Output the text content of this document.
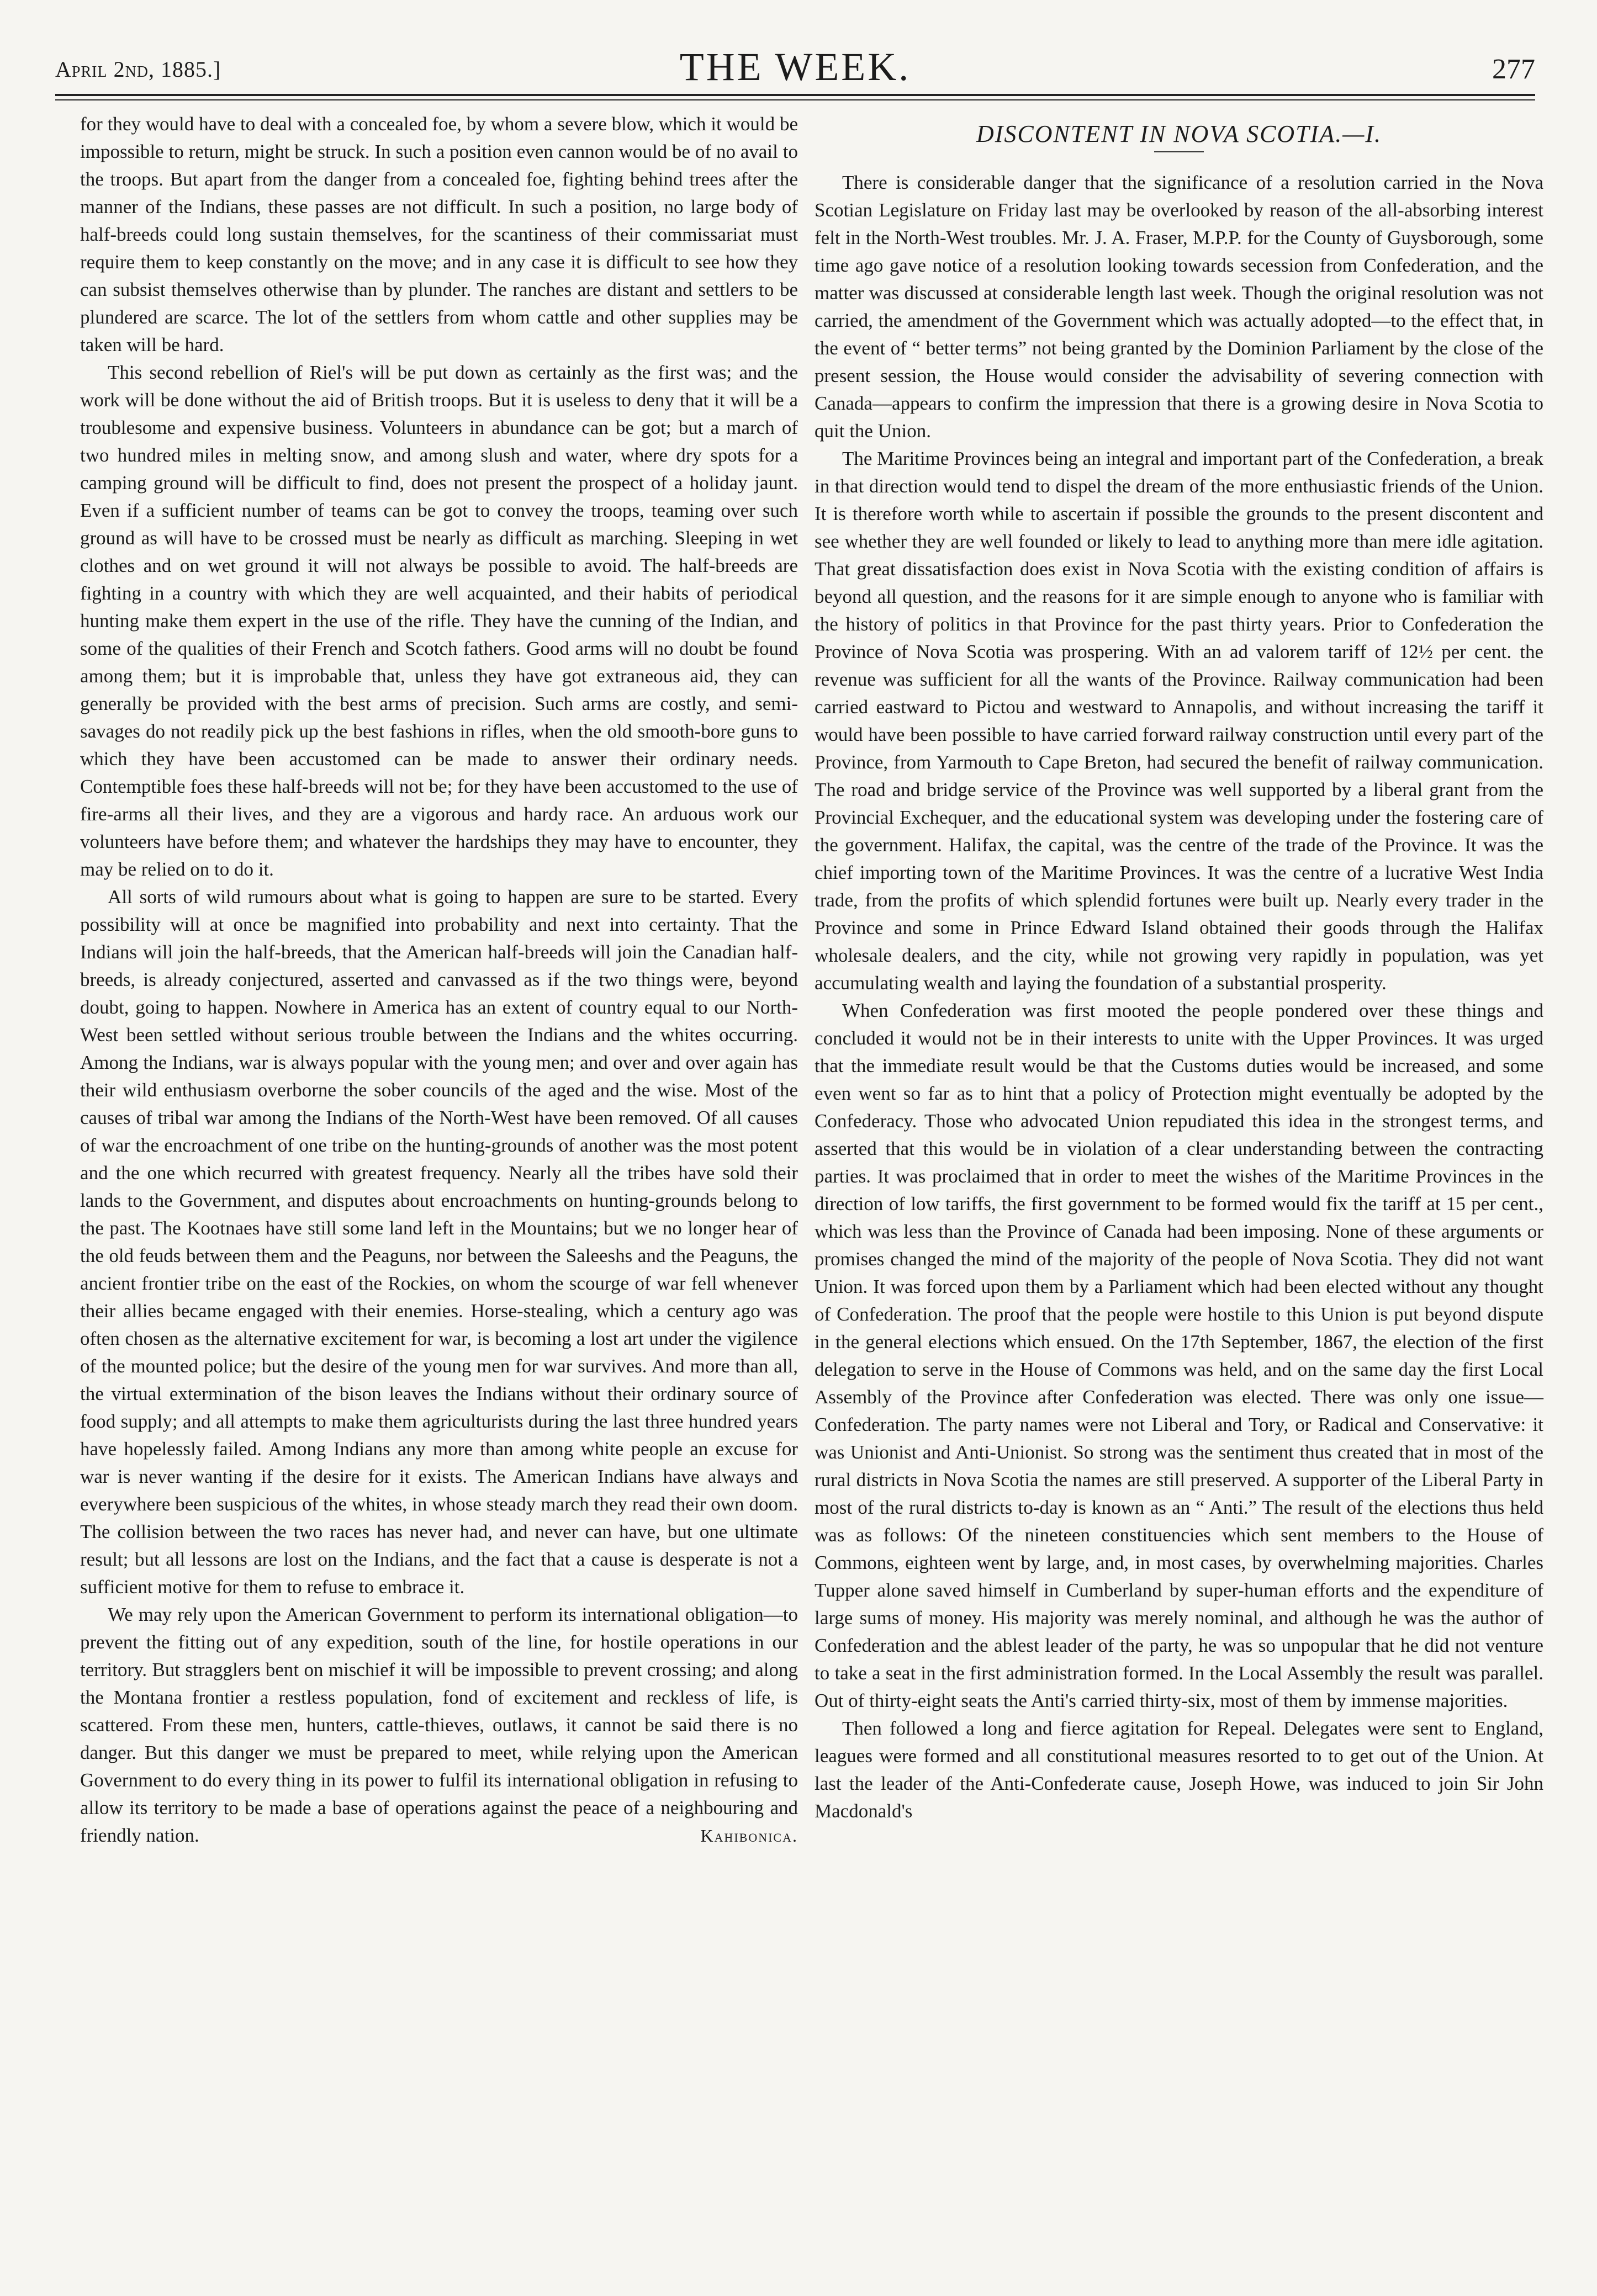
April 2nd, 1885.]	THE WEEK.	277

for they would have to deal with a concealed foe, by whom a severe blow, which it would be impossible to return, might be struck. In such a position even cannon would be of no avail to the troops. But apart from the danger from a concealed foe, fighting behind trees after the manner of the Indians, these passes are not difficult. In such a position, no large body of half-breeds could long sustain themselves, for the scantiness of their commissariat must require them to keep constantly on the move; and in any case it is difficult to see how they can subsist themselves otherwise than by plunder. The ranches are distant and settlers to be plundered are scarce. The lot of the settlers from whom cattle and other supplies may be taken will be hard.

This second rebellion of Riel's will be put down as certainly as the first was; and the work will be done without the aid of British troops. But it is useless to deny that it will be a troublesome and expensive business. Volunteers in abundance can be got; but a march of two hundred miles in melting snow, and among slush and water, where dry spots for a camping ground will be difficult to find, does not present the prospect of a holiday jaunt. Even if a sufficient number of teams can be got to convey the troops, teaming over such ground as will have to be crossed must be nearly as difficult as marching. Sleeping in wet clothes and on wet ground it will not always be possible to avoid. The half-breeds are fighting in a country with which they are well acquainted, and their habits of periodical hunting make them expert in the use of the rifle. They have the cunning of the Indian, and some of the qualities of their French and Scotch fathers. Good arms will no doubt be found among them; but it is improbable that, unless they have got extraneous aid, they can generally be provided with the best arms of precision. Such arms are costly, and semi-savages do not readily pick up the best fashions in rifles, when the old smooth-bore guns to which they have been accustomed can be made to answer their ordinary needs. Contemptible foes these half-breeds will not be; for they have been accustomed to the use of fire-arms all their lives, and they are a vigorous and hardy race. An arduous work our volunteers have before them; and whatever the hardships they may have to encounter, they may be relied on to do it.

All sorts of wild rumours about what is going to happen are sure to be started. Every possibility will at once be magnified into probability and next into certainty. That the Indians will join the half-breeds, that the American half-breeds will join the Canadian half-breeds, is already conjectured, asserted and canvassed as if the two things were, beyond doubt, going to happen. Nowhere in America has an extent of country equal to our North-West been settled without serious trouble between the Indians and the whites occurring. Among the Indians, war is always popular with the young men; and over and over again has their wild enthusiasm overborne the sober councils of the aged and the wise. Most of the causes of tribal war among the Indians of the North-West have been removed. Of all causes of war the encroachment of one tribe on the hunting-grounds of another was the most potent and the one which recurred with greatest frequency. Nearly all the tribes have sold their lands to the Government, and disputes about encroachments on hunting-grounds belong to the past. The Kootnaes have still some land left in the Mountains; but we no longer hear of the old feuds between them and the Peaguns, nor between the Saleeshs and the Peaguns, the ancient frontier tribe on the east of the Rockies, on whom the scourge of war fell whenever their allies became engaged with their enemies. Horse-stealing, which a century ago was often chosen as the alternative excitement for war, is becoming a lost art under the vigilence of the mounted police; but the desire of the young men for war survives. And more than all, the virtual extermination of the bison leaves the Indians without their ordinary source of food supply; and all attempts to make them agriculturists during the last three hundred years have hopelessly failed. Among Indians any more than among white people an excuse for war is never wanting if the desire for it exists. The American Indians have always and everywhere been suspicious of the whites, in whose steady march they read their own doom. The collision between the two races has never had, and never can have, but one ultimate result; but all lessons are lost on the Indians, and the fact that a cause is desperate is not a sufficient motive for them to refuse to embrace it.

We may rely upon the American Government to perform its international obligation—to prevent the fitting out of any expedition, south of the line, for hostile operations in our territory. But stragglers bent on mischief it will be impossible to prevent crossing; and along the Montana frontier a restless population, fond of excitement and reckless of life, is scattered. From these men, hunters, cattle-thieves, outlaws, it cannot be said there is no danger. But this danger we must be prepared to meet, while relying upon the American Government to do every thing in its power to fulfil its international obligation in refusing to allow its territory to be made a base of operations against the peace of a neighbouring and friendly nation.	Kahibonica.
DISCONTENT IN NOVA SCOTIA.—I.

There is considerable danger that the significance of a resolution carried in the Nova Scotian Legislature on Friday last may be overlooked by reason of the all-absorbing interest felt in the North-West troubles. Mr. J. A. Fraser, M.P.P. for the County of Guysborough, some time ago gave notice of a resolution looking towards secession from Confederation, and the matter was discussed at considerable length last week. Though the original resolution was not carried, the amendment of the Government which was actually adopted—to the effect that, in the event of “ better terms” not being granted by the Dominion Parliament by the close of the present session, the House would consider the advisability of severing connection with Canada—appears to confirm the impression that there is a growing desire in Nova Scotia to quit the Union.

The Maritime Provinces being an integral and important part of the Confederation, a break in that direction would tend to dispel the dream of the more enthusiastic friends of the Union. It is therefore worth while to ascertain if possible the grounds to the present discontent and see whether they are well founded or likely to lead to anything more than mere idle agitation. That great dissatisfaction does exist in Nova Scotia with the existing condition of affairs is beyond all question, and the reasons for it are simple enough to anyone who is familiar with the history of politics in that Province for the past thirty years. Prior to Confederation the Province of Nova Scotia was prospering. With an ad valorem tariff of 12½ per cent. the revenue was sufficient for all the wants of the Province. Railway communication had been carried eastward to Pictou and westward to Annapolis, and without increasing the tariff it would have been possible to have carried forward railway construction until every part of the Province, from Yarmouth to Cape Breton, had secured the benefit of railway communication. The road and bridge service of the Province was well supported by a liberal grant from the Provincial Exchequer, and the educational system was developing under the fostering care of the government. Halifax, the capital, was the centre of the trade of the Province. It was the chief importing town of the Maritime Provinces. It was the centre of a lucrative West India trade, from the profits of which splendid fortunes were built up. Nearly every trader in the Province and some in Prince Edward Island obtained their goods through the Halifax wholesale dealers, and the city, while not growing very rapidly in population, was yet accumulating wealth and laying the foundation of a substantial prosperity.

When Confederation was first mooted the people pondered over these things and concluded it would not be in their interests to unite with the Upper Provinces. It was urged that the immediate result would be that the Customs duties would be increased, and some even went so far as to hint that a policy of Protection might eventually be adopted by the Confederacy. Those who advocated Union repudiated this idea in the strongest terms, and asserted that this would be in violation of a clear understanding between the contracting parties. It was proclaimed that in order to meet the wishes of the Maritime Provinces in the direction of low tariffs, the first government to be formed would fix the tariff at 15 per cent., which was less than the Province of Canada had been imposing. None of these arguments or promises changed the mind of the majority of the people of Nova Scotia. They did not want Union. It was forced upon them by a Parliament which had been elected without any thought of Confederation. The proof that the people were hostile to this Union is put beyond dispute in the general elections which ensued. On the 17th September, 1867, the election of the first delegation to serve in the House of Commons was held, and on the same day the first Local Assembly of the Province after Confederation was elected. There was only one issue—Confederation. The party names were not Liberal and Tory, or Radical and Conservative: it was Unionist and Anti-Unionist. So strong was the sentiment thus created that in most of the rural districts in Nova Scotia the names are still preserved. A supporter of the Liberal Party in most of the rural districts to-day is known as an “ Anti.” The result of the elections thus held was as follows: Of the nineteen constituencies which sent members to the House of Commons, eighteen went by large, and, in most cases, by overwhelming majorities. Charles Tupper alone saved himself in Cumberland by super-human efforts and the expenditure of large sums of money. His majority was merely nominal, and although he was the author of Confederation and the ablest leader of the party, he was so unpopular that he did not venture to take a seat in the first administration formed. In the Local Assembly the result was parallel. Out of thirty-eight seats the Anti's carried thirty-six, most of them by immense majorities.

Then followed a long and fierce agitation for Repeal. Delegates were sent to England, leagues were formed and all constitutional measures resorted to to get out of the Union. At last the leader of the Anti-Confederate cause, Joseph Howe, was induced to join Sir John Macdonald's
